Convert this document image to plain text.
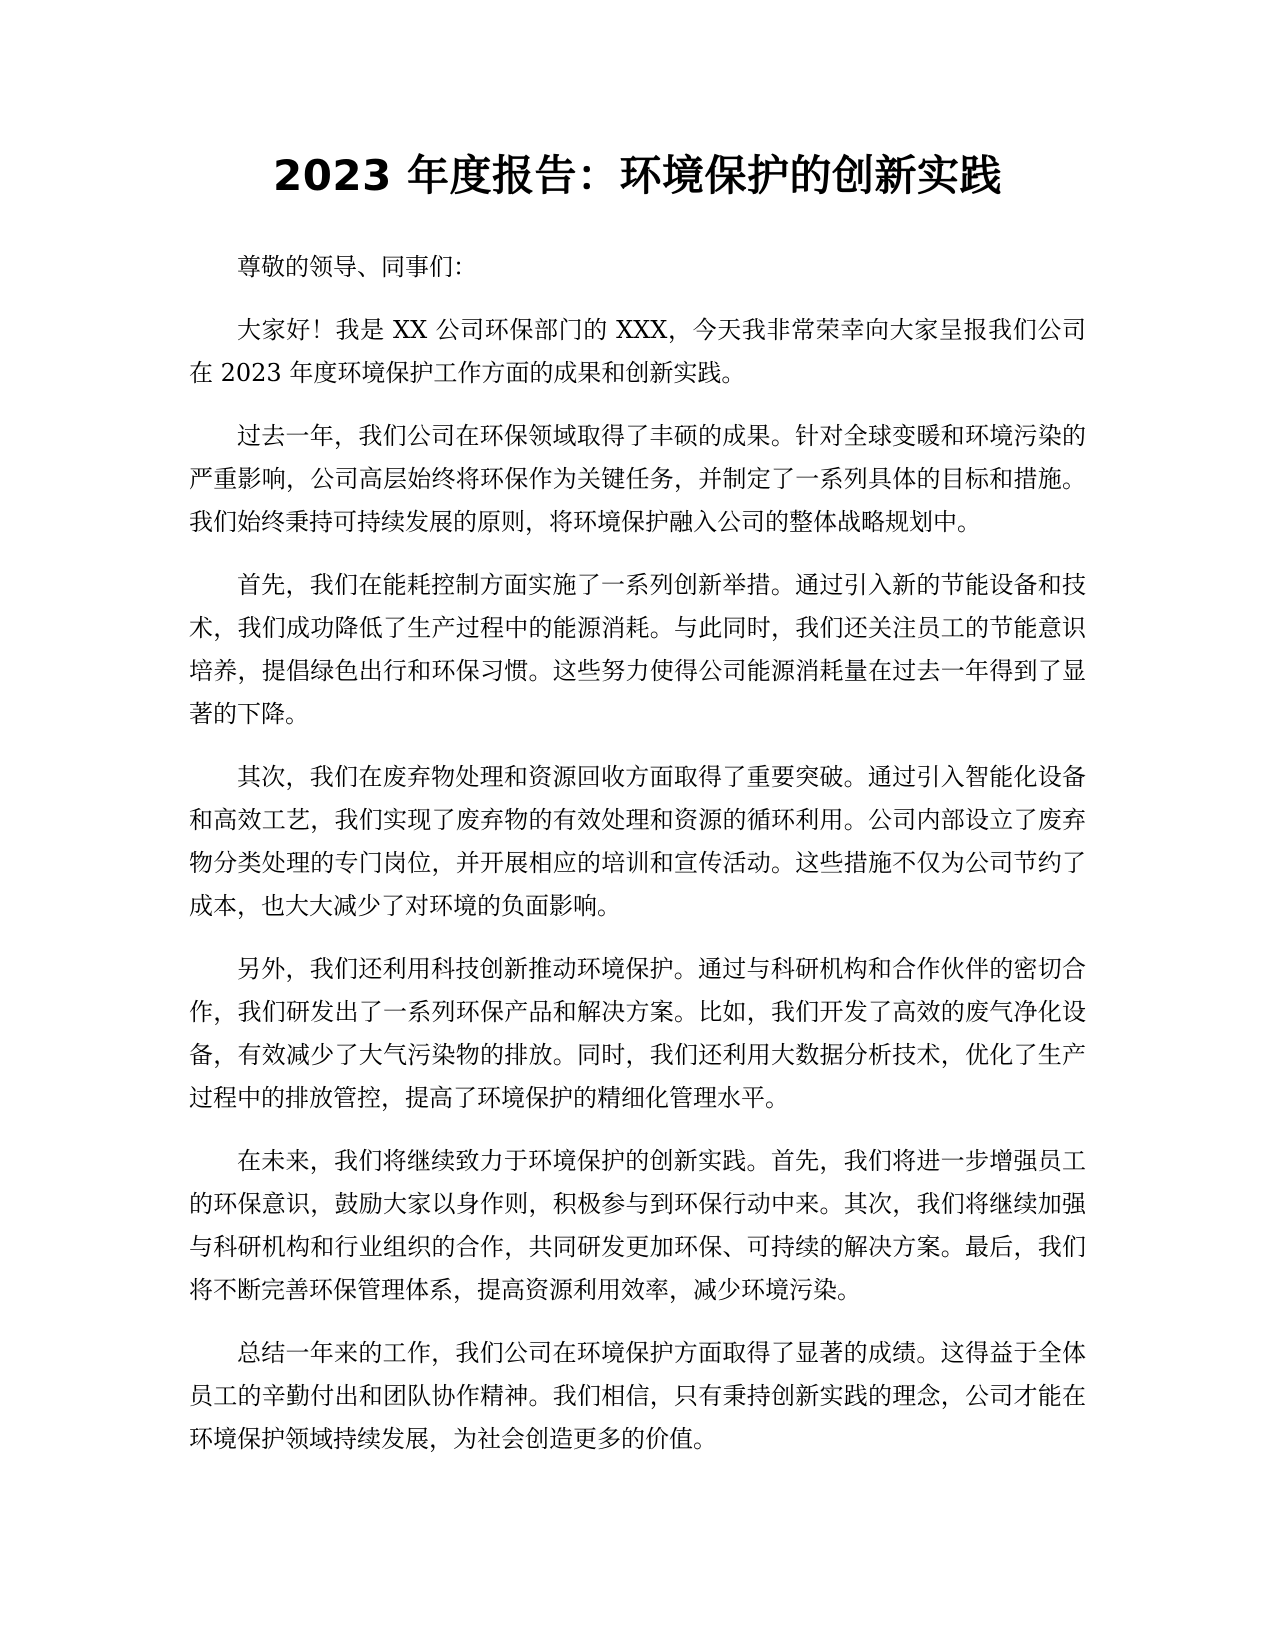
2023 年度报告：环境保护的创新实践

尊敬的领导、同事们：

大家好！我是 XX 公司环保部门的 XXX，今天我非常荣幸向大家呈报我们公司在 2023 年度环境保护工作方面的成果和创新实践。

过去一年，我们公司在环保领域取得了丰硕的成果。针对全球变暖和环境污染的严重影响，公司高层始终将环保作为关键任务，并制定了一系列具体的目标和措施。我们始终秉持可持续发展的原则，将环境保护融入公司的整体战略规划中。

首先，我们在能耗控制方面实施了一系列创新举措。通过引入新的节能设备和技术，我们成功降低了生产过程中的能源消耗。与此同时，我们还关注员工的节能意识培养，提倡绿色出行和环保习惯。这些努力使得公司能源消耗量在过去一年得到了显著的下降。

其次，我们在废弃物处理和资源回收方面取得了重要突破。通过引入智能化设备和高效工艺，我们实现了废弃物的有效处理和资源的循环利用。公司内部设立了废弃物分类处理的专门岗位，并开展相应的培训和宣传活动。这些措施不仅为公司节约了成本，也大大减少了对环境的负面影响。

另外，我们还利用科技创新推动环境保护。通过与科研机构和合作伙伴的密切合作，我们研发出了一系列环保产品和解决方案。比如，我们开发了高效的废气净化设备，有效减少了大气污染物的排放。同时，我们还利用大数据分析技术，优化了生产过程中的排放管控，提高了环境保护的精细化管理水平。

在未来，我们将继续致力于环境保护的创新实践。首先，我们将进一步增强员工的环保意识，鼓励大家以身作则，积极参与到环保行动中来。其次，我们将继续加强与科研机构和行业组织的合作，共同研发更加环保、可持续的解决方案。最后，我们将不断完善环保管理体系，提高资源利用效率，减少环境污染。

总结一年来的工作，我们公司在环境保护方面取得了显著的成绩。这得益于全体员工的辛勤付出和团队协作精神。我们相信，只有秉持创新实践的理念，公司才能在环境保护领域持续发展，为社会创造更多的价值。
